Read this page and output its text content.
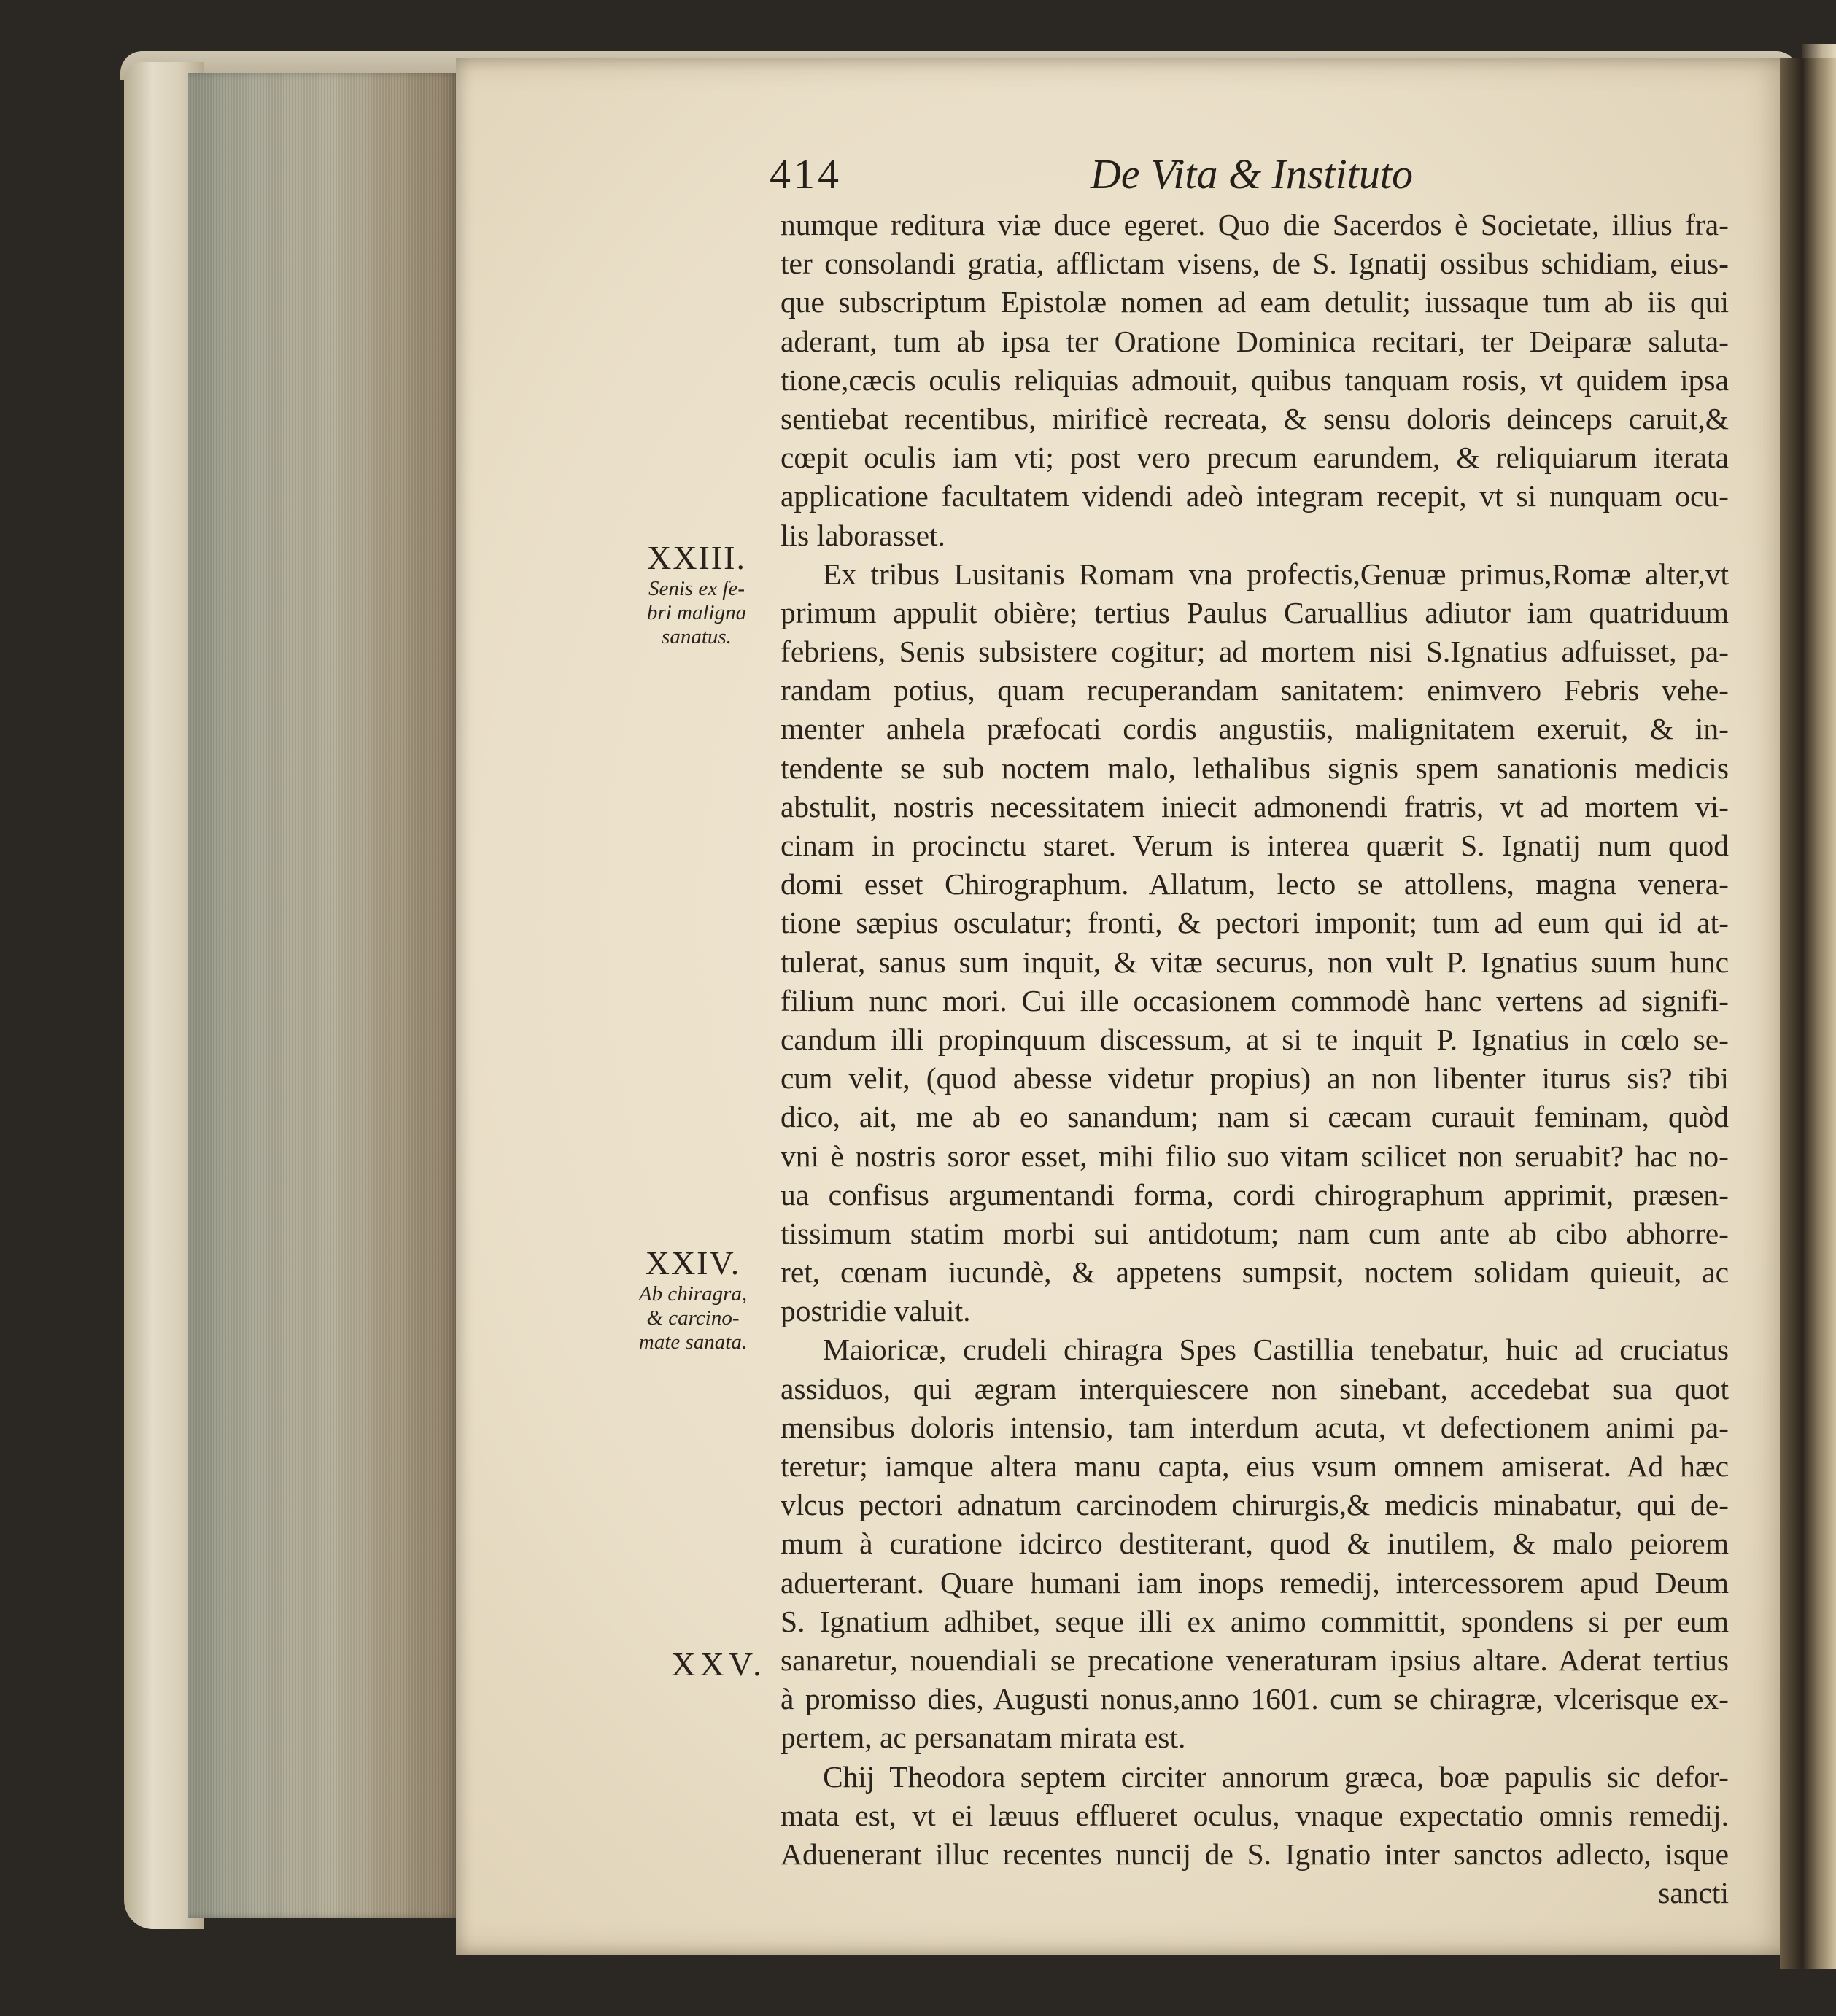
414	De Vita & Instituto
XXIII.
Senis ex fe-
bri maligna
sanatus.
XXIV.
Ab chiragra,
& carcino-
mate sanata.
XXV.
numque reditura viæ duce egeret. Quo die Sacerdos è Societate, illius fra-
ter consolandi gratia, afflictam visens, de S. Ignatij ossibus schidiam, eius-
que subscriptum Epistolæ nomen ad eam detulit; iussaque tum ab iis qui
aderant, tum ab ipsa ter Oratione Dominica recitari, ter Deiparæ saluta-
tione,cæcis oculis reliquias admouit, quibus tanquam rosis, vt quidem ipsa
sentiebat recentibus, mirificè recreata, & sensu doloris deinceps caruit,&
cœpit oculis iam vti; post vero precum earundem, & reliquiarum iterata
applicatione facultatem videndi adeò integram recepit, vt si nunquam ocu-
lis laborasset.
Ex tribus Lusitanis Romam vna profectis,Genuæ primus,Romæ alter,vt
primum appulit obière; tertius Paulus Caruallius adiutor iam quatriduum
febriens, Senis subsistere cogitur; ad mortem nisi S.Ignatius adfuisset, pa-
randam potius, quam recuperandam sanitatem: enimvero Febris vehe-
menter anhela præfocati cordis angustiis, malignitatem exeruit, & in-
tendente se sub noctem malo, lethalibus signis spem sanationis medicis
abstulit, nostris necessitatem iniecit admonendi fratris, vt ad mortem vi-
cinam in procinctu staret. Verum is interea quærit S. Ignatij num quod
domi esset Chirographum. Allatum, lecto se attollens, magna venera-
tione sæpius osculatur; fronti, & pectori imponit; tum ad eum qui id at-
tulerat, sanus sum inquit, & vitæ securus, non vult P. Ignatius suum hunc
filium nunc mori. Cui ille occasionem commodè hanc vertens ad signifi-
candum illi propinquum discessum, at si te inquit P. Ignatius in cœlo se-
cum velit, (quod abesse videtur propius) an non libenter iturus sis? tibi
dico, ait, me ab eo sanandum; nam si cæcam curauit feminam, quòd
vni è nostris soror esset, mihi filio suo vitam scilicet non seruabit? hac no-
ua confisus argumentandi forma, cordi chirographum apprimit, præsen-
tissimum statim morbi sui antidotum; nam cum ante ab cibo abhorre-
ret, cœnam iucundè, & appetens sumpsit, noctem solidam quieuit, ac
postridie valuit.
Maioricæ, crudeli chiragra Spes Castillia tenebatur, huic ad cruciatus
assiduos, qui ægram interquiescere non sinebant, accedebat sua quot
mensibus doloris intensio, tam interdum acuta, vt defectionem animi pa-
teretur; iamque altera manu capta, eius vsum omnem amiserat. Ad hæc
vlcus pectori adnatum carcinodem chirurgis,& medicis minabatur, qui de-
mum à curatione idcirco destiterant, quod & inutilem, & malo peiorem
aduerterant. Quare humani iam inops remedij, intercessorem apud Deum
S. Ignatium adhibet, seque illi ex animo committit, spondens si per eum
sanaretur, nouendiali se precatione veneraturam ipsius altare. Aderat tertius
à promisso dies, Augusti nonus,anno 1601. cum se chiragræ, vlcerisque ex-
pertem, ac persanatam mirata est.
Chij Theodora septem circiter annorum græca, boæ papulis sic defor-
mata est, vt ei læuus efflueret oculus, vnaque expectatio omnis remedij.
Aduenerant illuc recentes nuncij de S. Ignatio inter sanctos adlecto, isque
sancti
